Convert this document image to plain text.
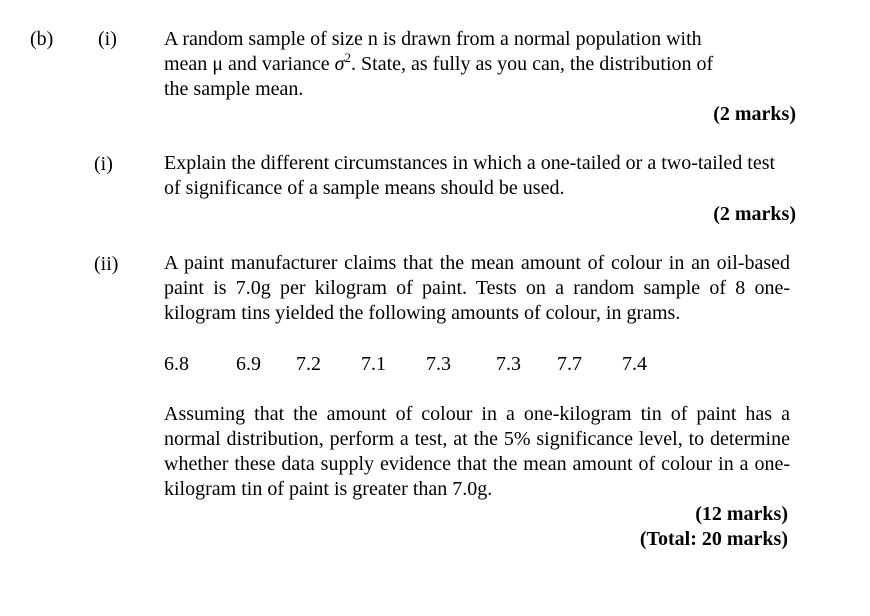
(b) (i) A random sample of size n is drawn from a normal population with
mean μ and variance $\sigma^2$. State, as fully as you can, the distribution of
the sample mean.
(2 marks)
(i)	Explain the different circumstances in which a one-tailed or a two-tailed test of significance of a sample means should be used.
(2 marks)
(ii) A paint manufacturer claims that the mean amount of colour in an oil-based paint is 7.0g per kilogram of paint. Tests on a random sample of 8 one-kilogram tins yielded the following amounts of colour, in grams.
6.8 6.9 7.2 7.1 7.3 7.3 7.7 7.4
Assuming that the amount of colour in a one-kilogram tin of paint has a normal distribution, perform a test, at the 5% significance level, to determine whether these data supply evidence that the mean amount of colour in a one-kilogram tin of paint is greater than 7.0g.
(12 marks)
(Total: 20 marks)
